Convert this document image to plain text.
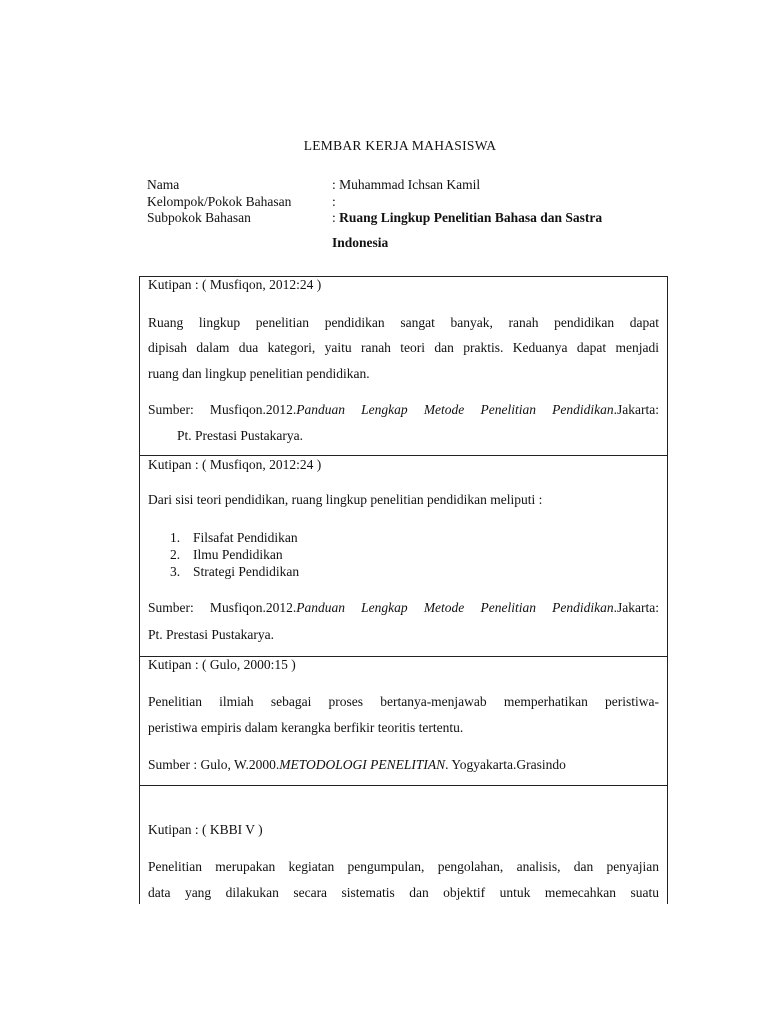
LEMBAR KERJA MAHASISWA
Nama	: Muhammad Ichsan Kamil
Kelompok/Pokok Bahasan	:
Subpokok Bahasan	: Ruang Lingkup Penelitian Bahasa dan Sastra
Indonesia
Kutipan : ( Musfiqon, 2012:24 )
Ruang lingkup penelitian pendidikan sangat banyak, ranah pendidikan dapat
dipisah dalam dua kategori, yaitu ranah teori dan praktis. Keduanya dapat menjadi
ruang dan lingkup penelitian pendidikan.
Sumber: Musfiqon.2012.Panduan Lengkap Metode Penelitian Pendidikan.Jakarta:
Pt. Prestasi Pustakarya.
Kutipan : ( Musfiqon, 2012:24 )
Dari sisi teori pendidikan, ruang lingkup penelitian pendidikan meliputi :
1. Filsafat Pendidikan
2. Ilmu Pendidikan
3. Strategi Pendidikan
Sumber: Musfiqon.2012.Panduan Lengkap Metode Penelitian Pendidikan.Jakarta:
Pt. Prestasi Pustakarya.
Kutipan : ( Gulo, 2000:15 )
Penelitian ilmiah sebagai proses bertanya-menjawab memperhatikan peristiwa-
peristiwa empiris dalam kerangka berfikir teoritis tertentu.
Sumber : Gulo, W.2000.METODOLOGI PENELITIAN. Yogyakarta.Grasindo
Kutipan : ( KBBI V )
Penelitian merupakan kegiatan pengumpulan, pengolahan, analisis, dan penyajian
data yang dilakukan secara sistematis dan objektif untuk memecahkan suatu
